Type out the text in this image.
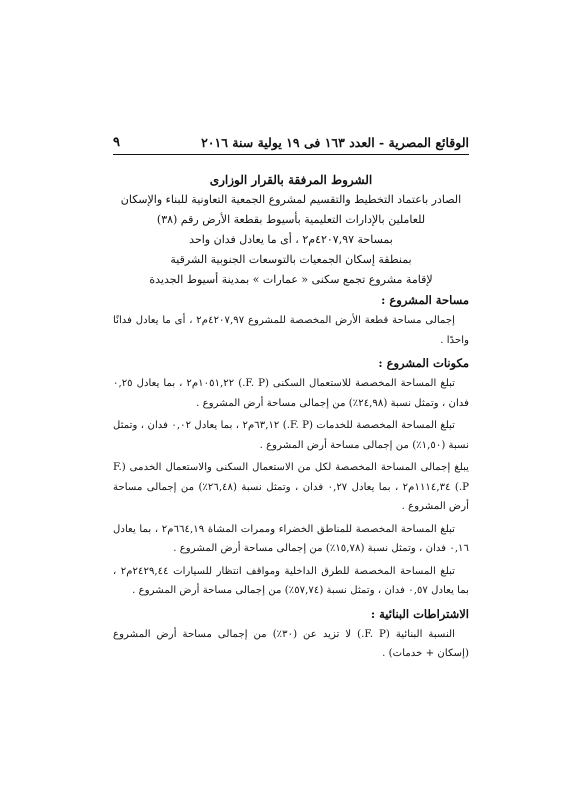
الوقائع المصرية - العدد ١٦٣ فى ١٩ يولية سنة ٢٠١٦
٩
الشروط المرفقة بالقرار الوزارى
الصادر باعتماد التخطيط والتقسيم لمشروع الجمعية التعاونية للبناء والإسكان
للعاملين بالإدارات التعليمية بأسيوط بقطعة الأرض رقم (٣٨)
بمساحة ٤٢٠٧,٩٧م٢ ، أى ما يعادل فدان واحد
بمنطقة إسكان الجمعيات بالتوسعات الجنوبية الشرقية
لإقامة مشروع تجمع سكنى « عمارات » بمدينة أسيوط الجديدة
مساحة المشروع :
إجمالى مساحة قطعة الأرض المخصصة للمشروع ٤٢٠٧,٩٧م٢ ، أى ما يعادل فدانًا واحدًا .
مكونات المشروع :
تبلغ المساحة المخصصة للاستعمال السكنى (F. P.) ١٠٥١,٢٢م٢ ، بما يعادل ٠,٢٥ فدان ، وتمثل نسبة (٢٤,٩٨٪) من إجمالى مساحة أرض المشروع .
تبلغ المساحة المخصصة للخدمات (F. P.) ٦٣,١٢م٢ ، بما يعادل ٠,٠٢ فدان ، وتمثل نسبة (١,٥٠٪) من إجمالى مساحة أرض المشروع .
يبلغ إجمالى المساحة المخصصة لكل من الاستعمال السكنى والاستعمال الخدمى (F. P.) ١١١٤,٣٤م٢ ، بما يعادل ٠,٢٧ فدان ، وتمثل نسبة (٢٦,٤٨٪) من إجمالى مساحة أرض المشروع .
تبلغ المساحة المخصصة للمناطق الخضراء وممرات المشاة ٦٦٤,١٩م٢ ، بما يعادل ٠,١٦ فدان ، وتمثل نسبة (١٥,٧٨٪) من إجمالى مساحة أرض المشروع .
تبلغ المساحة المخصصة للطرق الداخلية ومواقف انتظار للسيارات ٢٤٢٩,٤٤م٢ ، بما يعادل ٠,٥٧ فدان ، وتمثل نسبة (٥٧,٧٤٪) من إجمالى مساحة أرض المشروع .
الاشتراطات البنائية :
النسبة البنائية (F. P.) لا تزيد عن (٣٠٪) من إجمالى مساحة أرض المشروع (إسكان + خدمات) .
